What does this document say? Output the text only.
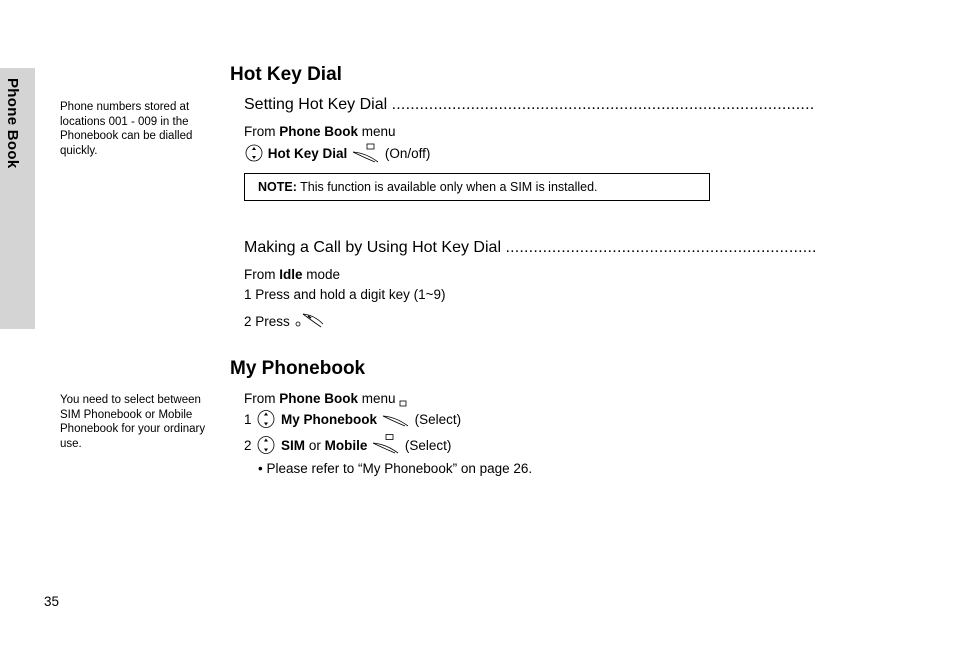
Phone Book	Phone numbers stored at locations 001 - 009 in the Phonebook can be dialled quickly.
You need to select between SIM Phonebook or Mobile Phonebook for your ordinary use.
Hot Key Dial
Setting Hot Key Dial ...........................................................................................
From Phone Book menu
Hot Key Dial	(On/off)
NOTE: This function is available only when a SIM is installed.
Making a Call by Using Hot Key Dial ...................................................................
From Idle mode
1 Press and hold a digit key (1~9)
2 Press
My Phonebook
From Phone Book menu
1 My Phonebook	(Select)
2 SIM or Mobile	(Select)
• Please refer to “My Phonebook” on page 26.
35
